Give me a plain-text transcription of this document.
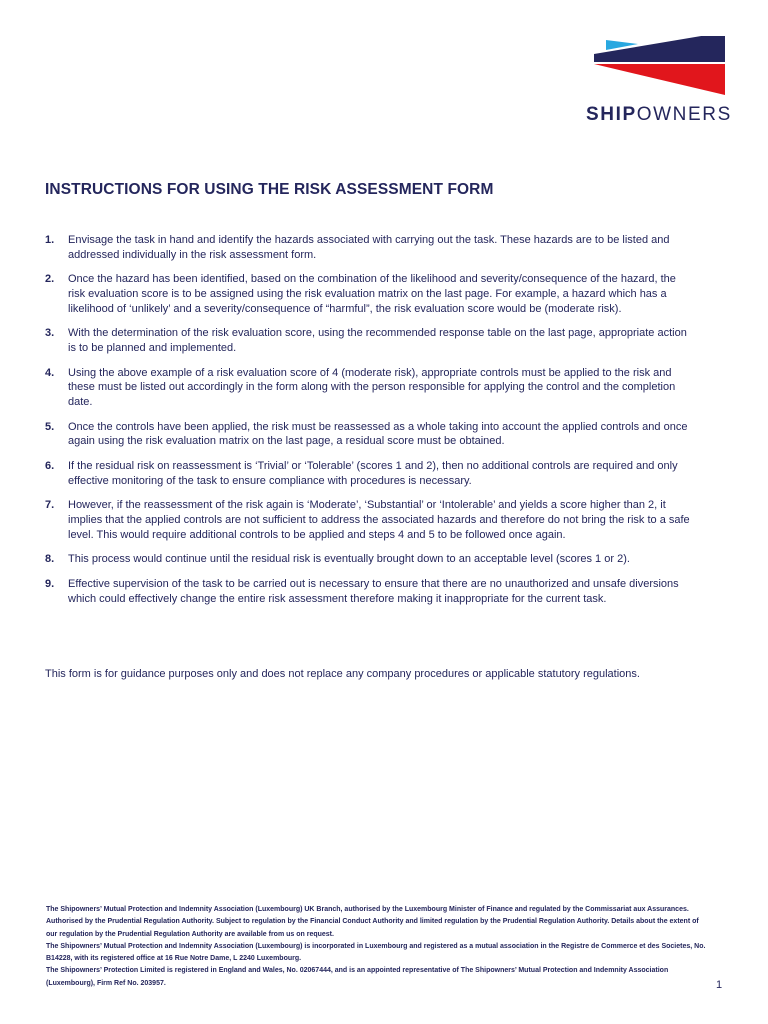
SHIPOWNERS
INSTRUCTIONS FOR USING THE RISK ASSESSMENT FORM
1. Envisage the task in hand and identify the hazards associated with carrying out the task. These hazards are to be listed and addressed individually in the risk assessment form.
2. Once the hazard has been identified, based on the combination of the likelihood and severity/consequence of the hazard, the risk evaluation score is to be assigned using the risk evaluation matrix on the last page. For example, a hazard which has a likelihood of ‘unlikely’ and a severity/consequence of “harmful”, the risk evaluation score would be (moderate risk).
3. With the determination of the risk evaluation score, using the recommended response table on the last page, appropriate action is to be planned and implemented.
4. Using the above example of a risk evaluation score of 4 (moderate risk), appropriate controls must be applied to the risk and these must be listed out accordingly in the form along with the person responsible for applying the control and the completion date.
5. Once the controls have been applied, the risk must be reassessed as a whole taking into account the applied controls and once again using the risk evaluation matrix on the last page, a residual score must be obtained.
6. If the residual risk on reassessment is ‘Trivial’ or ‘Tolerable’ (scores 1 and 2), then no additional controls are required and only effective monitoring of the task to ensure compliance with procedures is necessary.
7. However, if the reassessment of the risk again is ‘Moderate’, ‘Substantial’ or ‘Intolerable’ and yields a score higher than 2, it implies that the applied controls are not sufficient to address the associated hazards and therefore do not bring the risk to a safe level. This would require additional controls to be applied and steps 4 and 5 to be followed once again.
8. This process would continue until the residual risk is eventually brought down to an acceptable level (scores 1 or 2).
9. Effective supervision of the task to be carried out is necessary to ensure that there are no unauthorized and unsafe diversions which could effectively change the entire risk assessment therefore making it inappropriate for the current task.
This form is for guidance purposes only and does not replace any company procedures or applicable statutory regulations.

The Shipowners’ Mutual Protection and Indemnity Association (Luxembourg) UK Branch, authorised by the Luxembourg Minister of Finance and regulated by the Commissariat aux Assurances. Authorised by the Prudential Regulation Authority. Subject to regulation by the Financial Conduct Authority and limited regulation by the Prudential Regulation Authority. Details about the extent of our regulation by the Prudential Regulation Authority are available from us on request.

The Shipowners’ Mutual Protection and Indemnity Association (Luxembourg) is incorporated in Luxembourg and registered as a mutual association in the Registre de Commerce et des Societes, No. B14228, with its registered office at 16 Rue Notre Dame, L 2240 Luxembourg.

The Shipowners’ Protection Limited is registered in England and Wales, No. 02067444, and is an appointed representative of The Shipowners’ Mutual Protection and Indemnity Association (Luxembourg), Firm Ref No. 203957.	1
